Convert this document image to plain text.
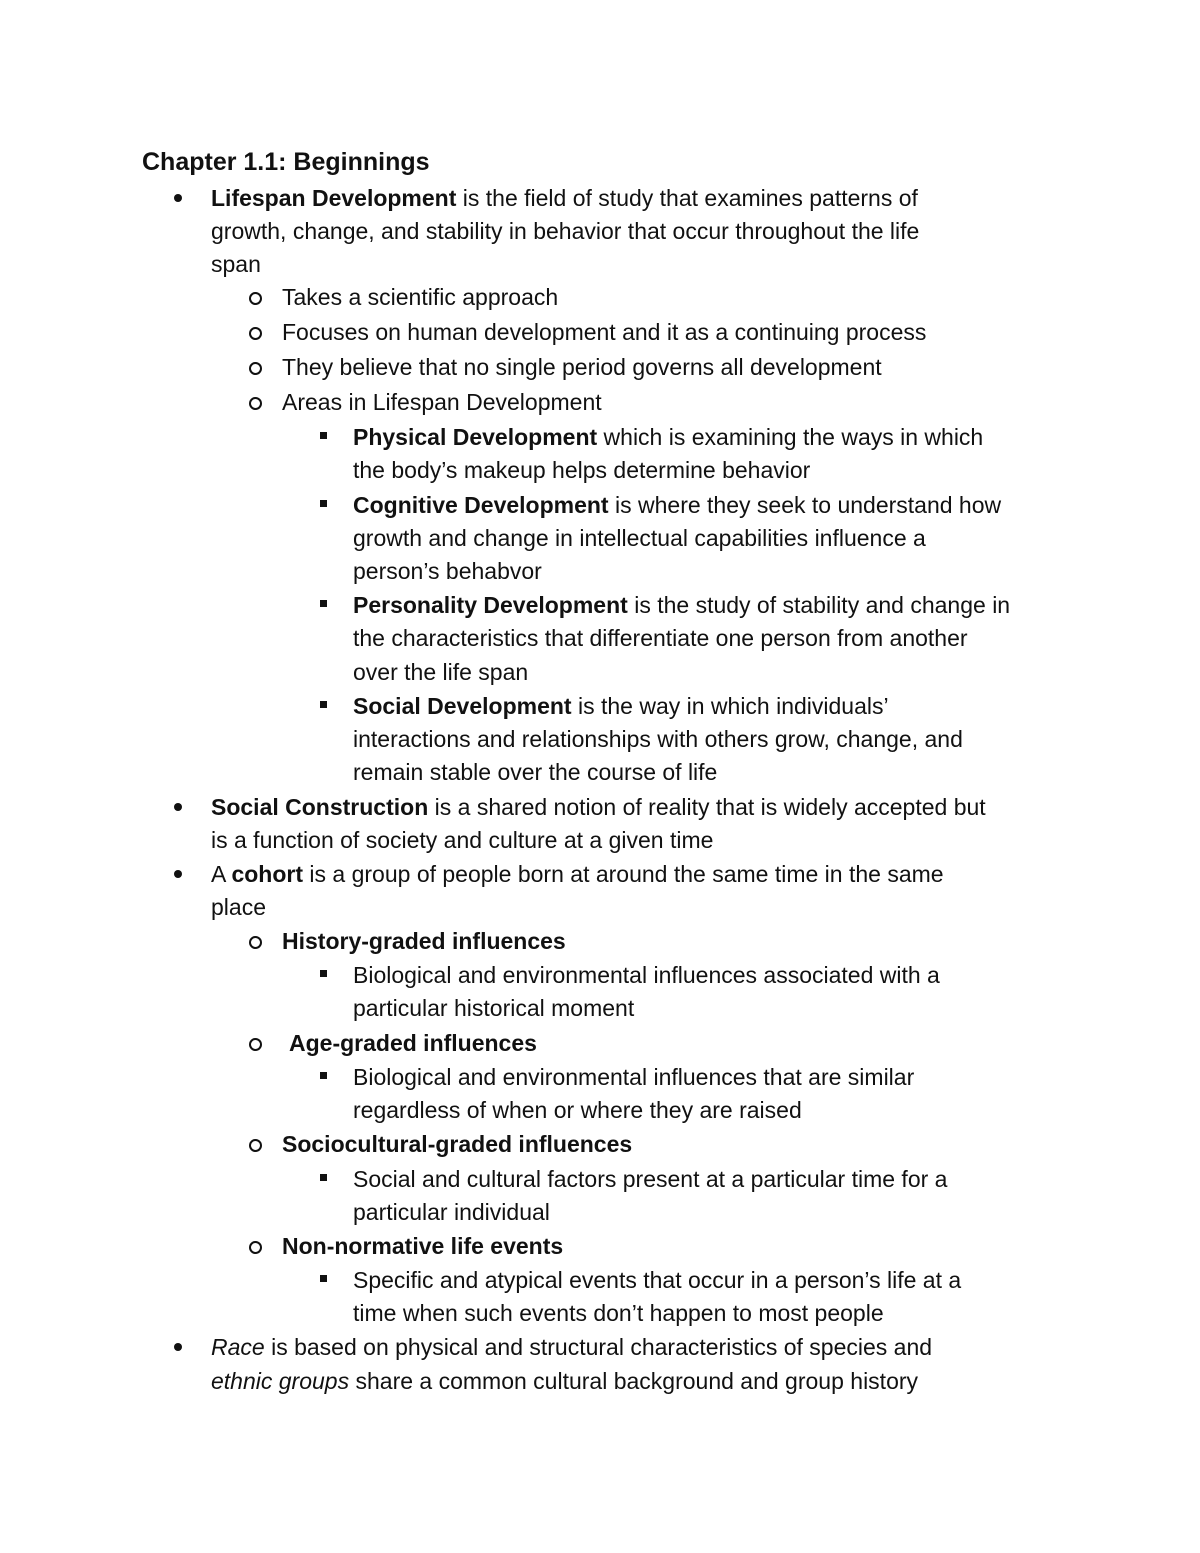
Chapter 1.1: Beginnings
Lifespan Development is the field of study that examines patterns of
growth, change, and stability in behavior that occur throughout the life
span
Takes a scientific approach
Focuses on human development and it as a continuing process
They believe that no single period governs all development
Areas in Lifespan Development
Physical Development which is examining the ways in which
the body’s makeup helps determine behavior
Cognitive Development is where they seek to understand how
growth and change in intellectual capabilities influence a
person’s behabvor
Personality Development is the study of stability and change in
the characteristics that differentiate one person from another
over the life span
Social Development is the way in which individuals’
interactions and relationships with others grow, change, and
remain stable over the course of life
Social Construction is a shared notion of reality that is widely accepted but
is a function of society and culture at a given time
A cohort is a group of people born at around the same time in the same
place
History-graded influences
Biological and environmental influences associated with a
particular historical moment
Age-graded influences
Biological and environmental influences that are similar
regardless of when or where they are raised
Sociocultural-graded influences
Social and cultural factors present at a particular time for a
particular individual
Non-normative life events
Specific and atypical events that occur in a person’s life at a
time when such events don’t happen to most people
Race is based on physical and structural characteristics of species and
ethnic groups share a common cultural background and group history
